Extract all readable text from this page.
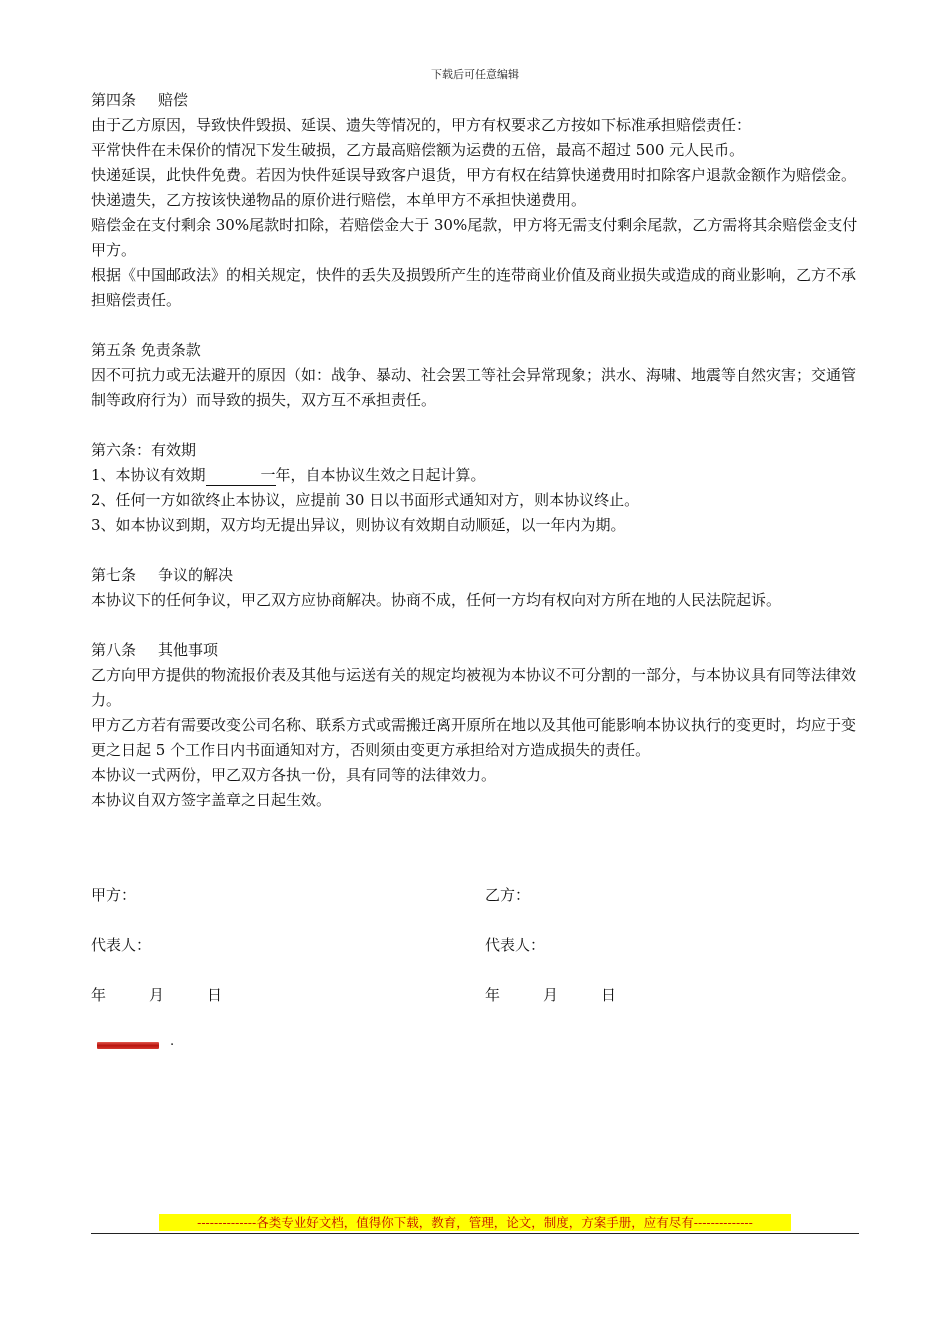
下载后可任意编辑

第四条 赔偿

由于乙方原因，导致快件毁损、延误、遗失等情况的，甲方有权要求乙方按如下标准承担赔偿责任：

平常快件在未保价的情况下发生破损，乙方最高赔偿额为运费的五倍，最高不超过 500 元人民币。

快递延误，此快件免费。若因为快件延误导致客户退货，甲方有权在结算快递费用时扣除客户退款金额作为赔偿金。

快递遗失，乙方按该快递物品的原价进行赔偿，本单甲方不承担快递费用。

赔偿金在支付剩余 30%尾款时扣除，若赔偿金大于 30%尾款，甲方将无需支付剩余尾款，乙方需将其余赔偿金支付甲方。

根据《中国邮政法》的相关规定，快件的丢失及损毁所产生的连带商业价值及商业损失或造成的商业影响，乙方不承担赔偿责任。

第五条 免责条款

因不可抗力或无法避开的原因（如：战争、暴动、社会罢工等社会异常现象；洪水、海啸、地震等自然灾害；交通管制等政府行为）而导致的损失，双方互不承担责任。

第六条：有效期

1、本协议有效期	一年，自本协议生效之日起计算。

2、任何一方如欲终止本协议，应提前 30 日以书面形式通知对方，则本协议终止。

3、如本协议到期，双方均无提出异议，则协议有效期自动顺延，以一年内为期。

第七条 争议的解决

本协议下的任何争议，甲乙双方应协商解决。协商不成，任何一方均有权向对方所在地的人民法院起诉。

第八条 其他事项

乙方向甲方提供的物流报价表及其他与运送有关的规定均被视为本协议不可分割的一部分，与本协议具有同等法律效力。

甲方乙方若有需要改变公司名称、联系方式或需搬迁离开原所在地以及其他可能影响本协议执行的变更时，均应于变更之日起 5 个工作日内书面通知对方，否则须由变更方承担给对方造成损失的责任。

本协议一式两份，甲乙双方各执一份，具有同等的法律效力。

本协议自双方签字盖章之日起生效。

甲方：	乙方：
代表人：	代表人：
年	月	日	年	月	日
.
--------------各类专业好文档，值得你下载，教育，管理，论文，制度，方案手册，应有尽有--------------
